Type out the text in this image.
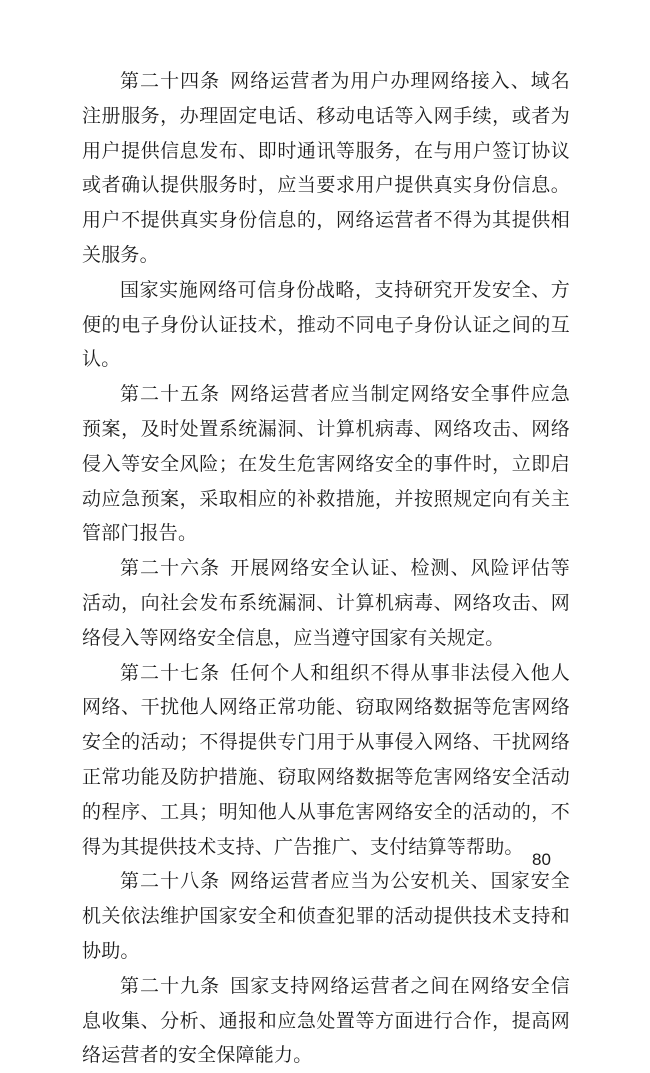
第二十四条 网络运营者为用户办理网络接入、域名注册服务，办理固定电话、移动电话等入网手续，或者为用户提供信息发布、即时通讯等服务，在与用户签订协议或者确认提供服务时，应当要求用户提供真实身份信息。用户不提供真实身份信息的，网络运营者不得为其提供相关服务。

国家实施网络可信身份战略，支持研究开发安全、方便的电子身份认证技术，推动不同电子身份认证之间的互认。

第二十五条 网络运营者应当制定网络安全事件应急预案，及时处置系统漏洞、计算机病毒、网络攻击、网络侵入等安全风险；在发生危害网络安全的事件时，立即启动应急预案，采取相应的补救措施，并按照规定向有关主管部门报告。

第二十六条 开展网络安全认证、检测、风险评估等活动，向社会发布系统漏洞、计算机病毒、网络攻击、网络侵入等网络安全信息，应当遵守国家有关规定。

第二十七条 任何个人和组织不得从事非法侵入他人网络、干扰他人网络正常功能、窃取网络数据等危害网络安全的活动；不得提供专门用于从事侵入网络、干扰网络正常功能及防护措施、窃取网络数据等危害网络安全活动的程序、工具；明知他人从事危害网络安全的活动的，不得为其提供技术支持、广告推广、支付结算等帮助。

第二十八条 网络运营者应当为公安机关、国家安全机关依法维护国家安全和侦查犯罪的活动提供技术支持和协助。

第二十九条 国家支持网络运营者之间在网络安全信息收集、分析、通报和应急处置等方面进行合作，提高网络运营者的安全保障能力。

80
